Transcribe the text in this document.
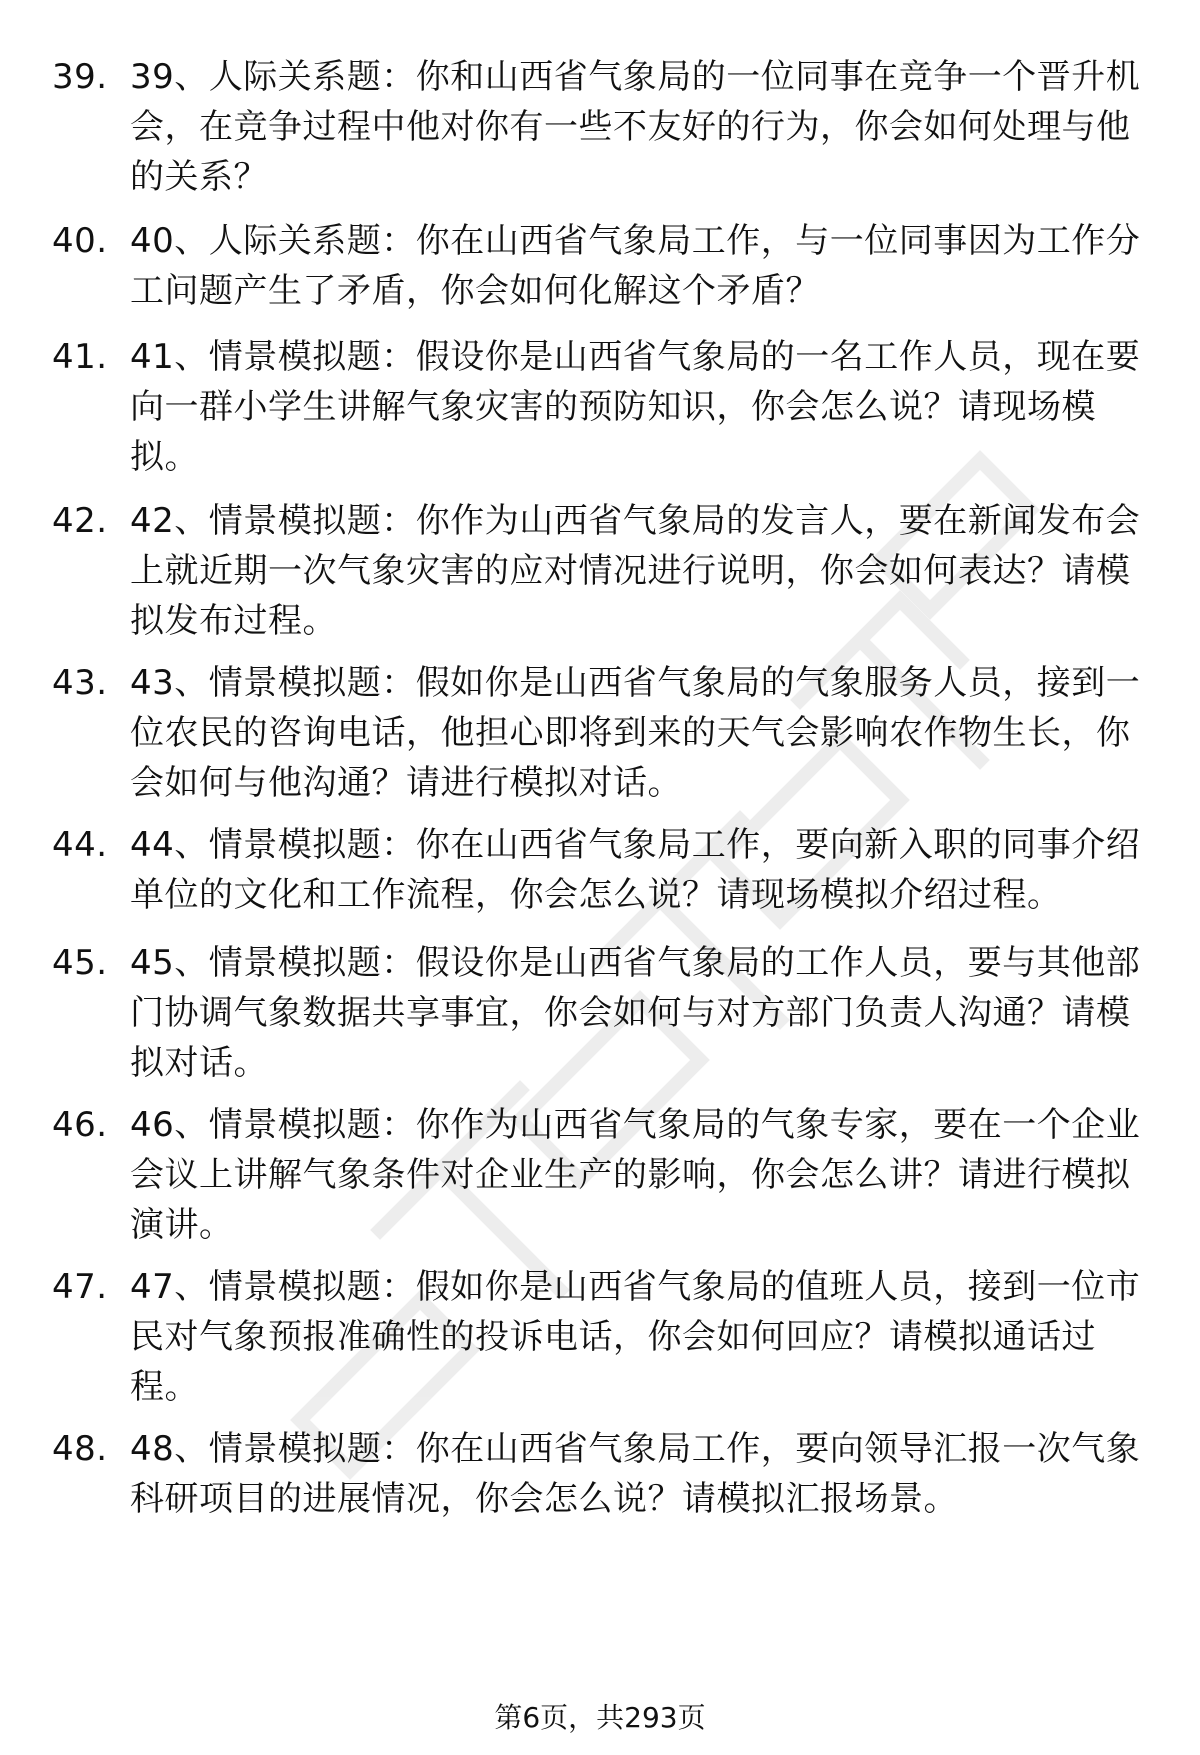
39. 39、人际关系题：你和山西省气象局的一位同事在竞争一个晋升机会，在竞争过程中他对你有一些不友好的行为，你会如何处理与他的关系？
40. 40、人际关系题：你在山西省气象局工作，与一位同事因为工作分工问题产生了矛盾，你会如何化解这个矛盾？
41. 41、情景模拟题：假设你是山西省气象局的一名工作人员，现在要向一群小学生讲解气象灾害的预防知识，你会怎么说？请现场模拟。
42. 42、情景模拟题：你作为山西省气象局的发言人，要在新闻发布会上就近期一次气象灾害的应对情况进行说明，你会如何表达？请模拟发布过程。
43. 43、情景模拟题：假如你是山西省气象局的气象服务人员，接到一位农民的咨询电话，他担心即将到来的天气会影响农作物生长，你会如何与他沟通？请进行模拟对话。
44. 44、情景模拟题：你在山西省气象局工作，要向新入职的同事介绍单位的文化和工作流程，你会怎么说？请现场模拟介绍过程。
45. 45、情景模拟题：假设你是山西省气象局的工作人员，要与其他部门协调气象数据共享事宜，你会如何与对方部门负责人沟通？请模拟对话。
46. 46、情景模拟题：你作为山西省气象局的气象专家，要在一个企业会议上讲解气象条件对企业生产的影响，你会怎么讲？请进行模拟演讲。
47. 47、情景模拟题：假如你是山西省气象局的值班人员，接到一位市民对气象预报准确性的投诉电话，你会如何回应？请模拟通话过程。
48. 48、情景模拟题：你在山西省气象局工作，要向领导汇报一次气象科研项目的进展情况，你会怎么说？请模拟汇报场景。
第6页，共293页
